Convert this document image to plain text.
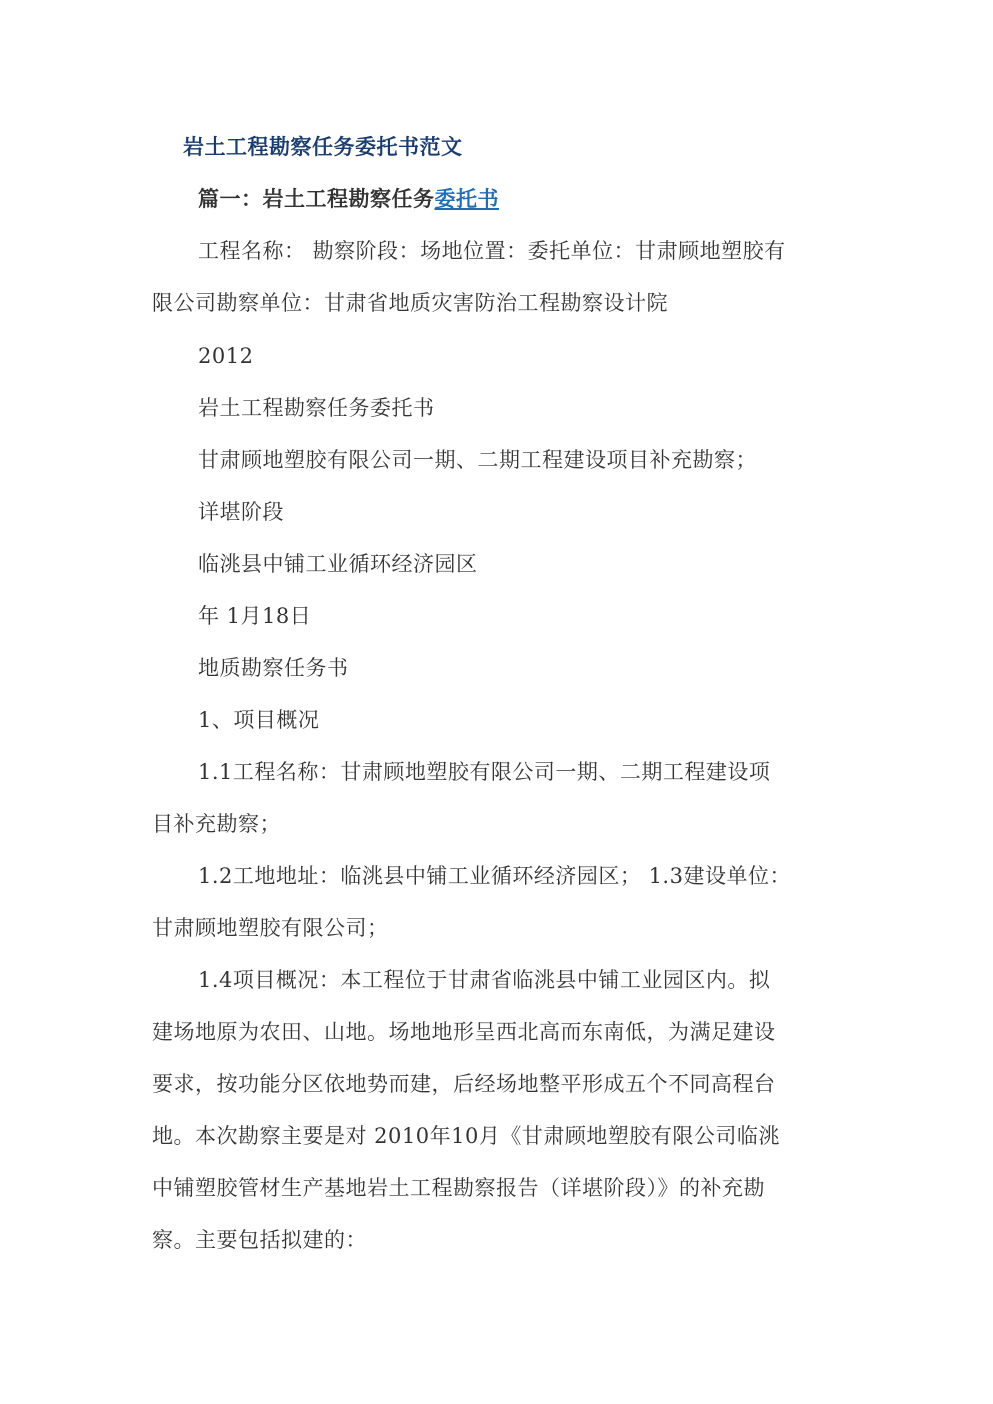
岩土工程勘察任务委托书范文
篇一：岩土工程勘察任务委托书
工程名称： 勘察阶段：场地位置：委托单位：甘肃顾地塑胶有
限公司勘察单位：甘肃省地质灾害防治工程勘察设计院
2012
岩土工程勘察任务委托书
甘肃顾地塑胶有限公司一期、二期工程建设项目补充勘察；
详堪阶段
临洮县中铺工业循环经济园区
年 1月18日
地质勘察任务书
1、项目概况
1.1工程名称：甘肃顾地塑胶有限公司一期、二期工程建设项
目补充勘察；
1.2工地地址：临洮县中铺工业循环经济园区； 1.3建设单位：
甘肃顾地塑胶有限公司；
1.4项目概况：本工程位于甘肃省临洮县中铺工业园区内。拟
建场地原为农田、山地。场地地形呈西北高而东南低，为满足建设
要求，按功能分区依地势而建，后经场地整平形成五个不同高程台
地。本次勘察主要是对 2010年10月《甘肃顾地塑胶有限公司临洮
中铺塑胶管材生产基地岩土工程勘察报告（详堪阶段）》的补充勘
察。主要包括拟建的：
